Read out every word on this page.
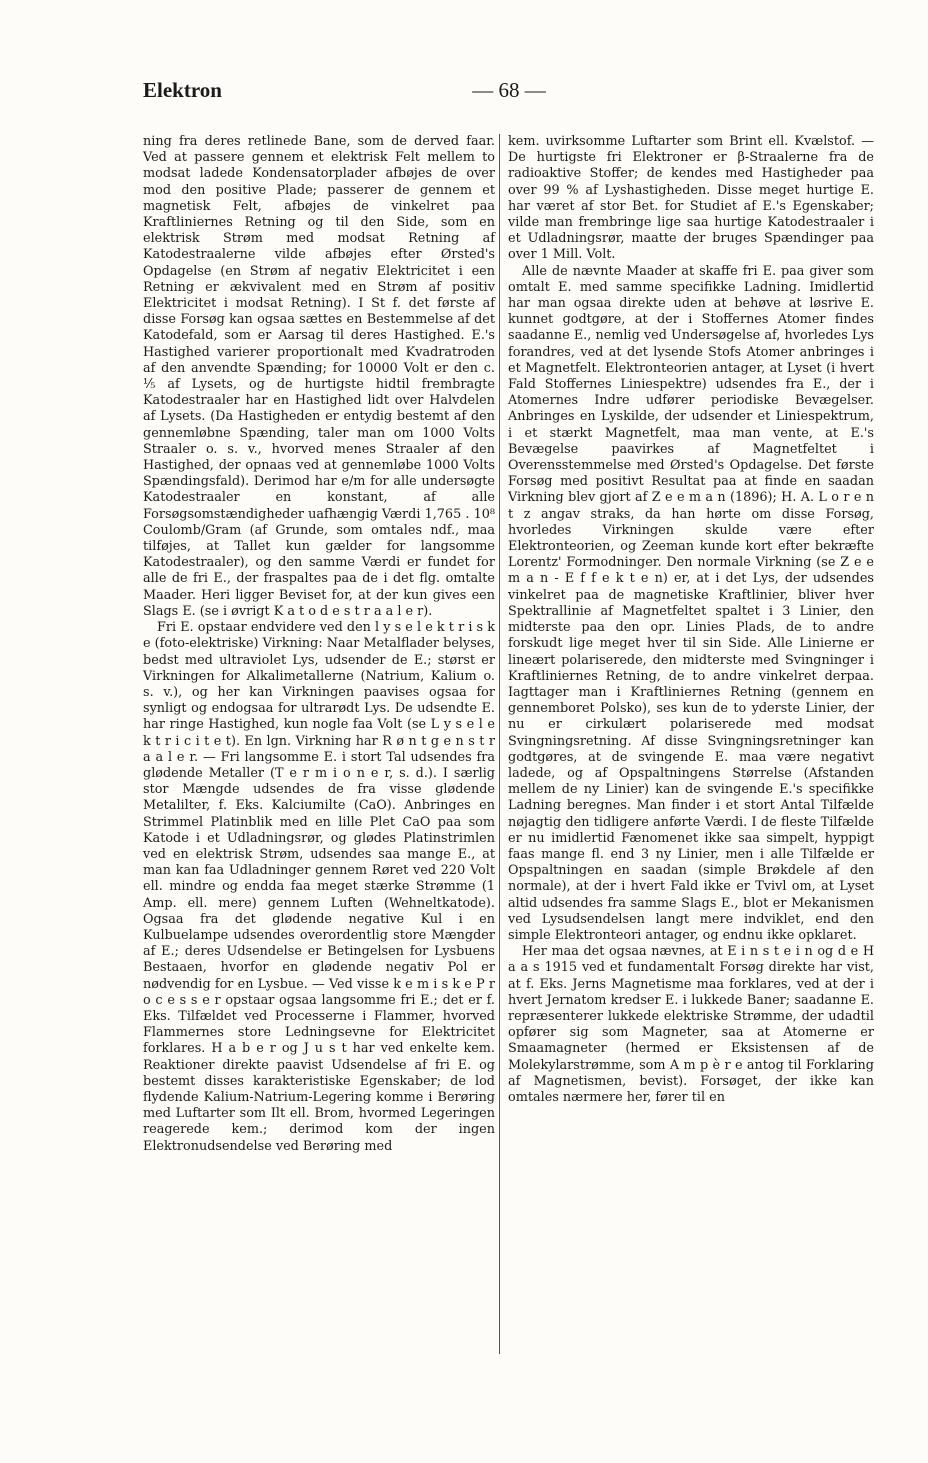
Elektron	— 68 —

ning fra deres retlinede Bane, som de derved faar. Ved at passere gennem et elektrisk Felt mellem to modsat ladede Kondensatorplader afbøjes de over mod den positive Plade; passerer de gennem et magnetisk Felt, afbøjes de vinkelret paa Kraftliniernes Retning og til den Side, som en elektrisk Strøm med modsat Retning af Katodestraalerne vilde afbøjes efter Ørsted's Opdagelse (en Strøm af negativ Elektricitet i een Retning er ækvivalent med en Strøm af positiv Elektricitet i modsat Retning). I St f. det første af disse Forsøg kan ogsaa sættes en Bestemmelse af det Katodefald, som er Aarsag til deres Hastighed. E.'s Hastighed varierer proportionalt med Kvadratroden af den anvendte Spænding; for 10000 Volt er den c. ⅕ af Lysets, og de hurtigste hidtil frembragte Katodestraaler har en Hastighed lidt over Halvdelen af Lysets. (Da Hastigheden er entydig bestemt af den gennemløbne Spænding, taler man om 1000 Volts Straaler o. s. v., hvorved menes Straaler af den Hastighed, der opnaas ved at gennemløbe 1000 Volts Spændingsfald). Derimod har e/m for alle undersøgte Katodestraaler en konstant, af alle Forsøgsomstændigheder uafhængig Værdi 1,765 . 10⁸ Coulomb/Gram (af Grunde, som omtales ndf., maa tilføjes, at Tallet kun gælder for langsomme Katodestraaler), og den samme Værdi er fundet for alle de fri E., der fraspaltes paa de i det flg. omtalte Maader. Heri ligger Beviset for, at der kun gives een Slags E. (se i øvrigt K a t o d e s t r a a l e r).

Fri E. opstaar endvidere ved den l y s e l e k t r i s k e (foto-elektriske) Virkning: Naar Metalflader belyses, bedst med ultraviolet Lys, udsender de E.; størst er Virkningen for Alkalimetallerne (Natrium, Kalium o. s. v.), og her kan Virkningen paavises ogsaa for synligt og endogsaa for ultrarødt Lys. De udsendte E. har ringe Hastighed, kun nogle faa Volt (se L y s e l e k t r i c i t e t). En lgn. Virkning har R ø n t g e n s t r a a l e r. — Fri langsomme E. i stort Tal udsendes fra glødende Metaller (T e r m i o n e r, s. d.). I særlig stor Mængde udsendes de fra visse glødende Metalilter, f. Eks. Kalciumilte (CaO). Anbringes en Strimmel Platinblik med en lille Plet CaO paa som Katode i et Udladningsrør, og glødes Platinstrimlen ved en elektrisk Strøm, udsendes saa mange E., at man kan faa Udladninger gennem Røret ved 220 Volt ell. mindre og endda faa meget stærke Strømme (1 Amp. ell. mere) gennem Luften (Wehneltkatode). Ogsaa fra det glødende negative Kul i en Kulbuelampe udsendes overordentlig store Mængder af E.; deres Udsendelse er Betingelsen for Lysbuens Bestaaen, hvorfor en glødende negativ Pol er nødvendig for en Lysbue. — Ved visse k e m i s k e P r o c e s s e r opstaar ogsaa langsomme fri E.; det er f. Eks. Tilfældet ved Processerne i Flammer, hvorved Flammernes store Ledningsevne for Elektricitet forklares. H a b e r og J u s t har ved enkelte kem. Reaktioner direkte paavist Udsendelse af fri E. og bestemt disses karakteristiske Egenskaber; de lod flydende Kalium-Natrium-Legering komme i Berøring med Luftarter som Ilt ell. Brom, hvormed Legeringen reagerede kem.; derimod kom der ingen Elektronudsendelse ved Berøring med

kem. uvirksomme Luftarter som Brint ell. Kvælstof. — De hurtigste fri Elektroner er β-Straalerne fra de radioaktive Stoffer; de kendes med Hastigheder paa over 99 % af Lyshastigheden. Disse meget hurtige E. har været af stor Bet. for Studiet af E.'s Egenskaber; vilde man frembringe lige saa hurtige Katodestraaler i et Udladningsrør, maatte der bruges Spændinger paa over 1 Mill. Volt.

Alle de nævnte Maader at skaffe fri E. paa giver som omtalt E. med samme specifikke Ladning. Imidlertid har man ogsaa direkte uden at behøve at løsrive E. kunnet godtgøre, at der i Stoffernes Atomer findes saadanne E., nemlig ved Undersøgelse af, hvorledes Lys forandres, ved at det lysende Stofs Atomer anbringes i et Magnetfelt. Elektronteorien antager, at Lyset (i hvert Fald Stoffernes Liniespektre) udsendes fra E., der i Atomernes Indre udfører periodiske Bevægelser. Anbringes en Lyskilde, der udsender et Liniespektrum, i et stærkt Magnetfelt, maa man vente, at E.'s Bevægelse paavirkes af Magnetfeltet i Overensstemmelse med Ørsted's Opdagelse. Det første Forsøg med positivt Resultat paa at finde en saadan Virkning blev gjort af Z e e m a n (1896); H. A. L o r e n t z angav straks, da han hørte om disse Forsøg, hvorledes Virkningen skulde være efter Elektronteorien, og Zeeman kunde kort efter bekræfte Lorentz' Formodninger. Den normale Virkning (se Z e e m a n - E f f e k t e n) er, at i det Lys, der udsendes vinkelret paa de magnetiske Kraftlinier, bliver hver Spektrallinie af Magnetfeltet spaltet i 3 Linier, den midterste paa den opr. Linies Plads, de to andre forskudt lige meget hver til sin Side. Alle Linierne er lineært polariserede, den midterste med Svingninger i Kraftliniernes Retning, de to andre vinkelret derpaa. Iagttager man i Kraftliniernes Retning (gennem en gennemboret Polsko), ses kun de to yderste Linier, der nu er cirkulært polariserede med modsat Svingningsretning. Af disse Svingningsretninger kan godtgøres, at de svingende E. maa være negativt ladede, og af Opspaltningens Størrelse (Afstanden mellem de ny Linier) kan de svingende E.'s specifikke Ladning beregnes. Man finder i et stort Antal Tilfælde nøjagtig den tidligere anførte Værdi. I de fleste Tilfælde er nu imidlertid Fænomenet ikke saa simpelt, hyppigt faas mange fl. end 3 ny Linier, men i alle Tilfælde er Opspaltningen en saadan (simple Brøkdele af den normale), at der i hvert Fald ikke er Tvivl om, at Lyset altid udsendes fra samme Slags E., blot er Mekanismen ved Lysudsendelsen langt mere indviklet, end den simple Elektronteori antager, og endnu ikke opklaret.

Her maa det ogsaa nævnes, at E i n s t e i n og d e H a a s 1915 ved et fundamentalt Forsøg direkte har vist, at f. Eks. Jerns Magnetisme maa forklares, ved at der i hvert Jernatom kredser E. i lukkede Baner; saadanne E. repræsenterer lukkede elektriske Strømme, der udadtil opfører sig som Magneter, saa at Atomerne er Smaamagneter (hermed er Eksistensen af de Molekylarstrømme, som A m p è r e antog til Forklaring af Magnetismen, bevist). Forsøget, der ikke kan omtales nærmere her, fører til en
